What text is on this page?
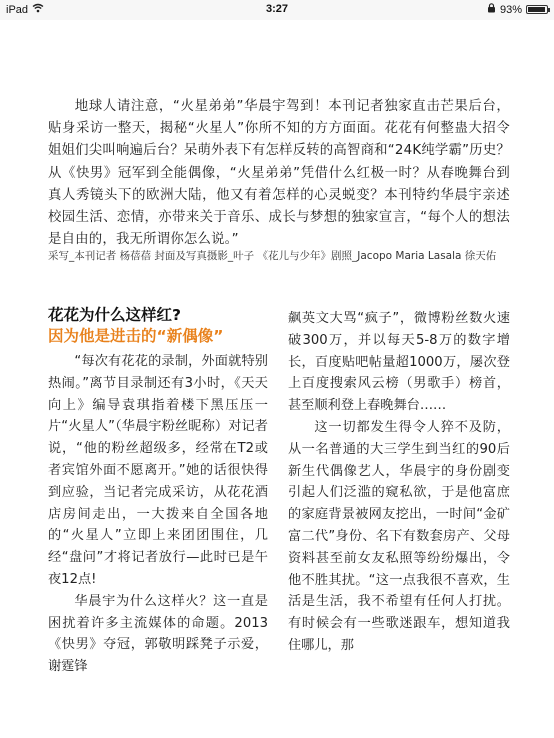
iPad	3:27	93%
地球人请注意，“火星弟弟”华晨宇驾到！本刊记者独家直击芒果后台，贴身采访一整天，揭秘“火星人”你所不知的方方面面。花花有何整蛊大招令姐姐们尖叫响遍后台？呆萌外表下有怎样反转的高智商和“24K纯学霸”历史？从《快男》冠军到全能偶像，“火星弟弟”凭借什么红极一时？从春晚舞台到真人秀镜头下的欧洲大陆，他又有着怎样的心灵蜕变？本刊特约华晨宇亲述校园生活、恋情，亦带来关于音乐、成长与梦想的独家宣言，“每个人的想法是自由的，我无所谓你怎么说。”
采写_本刊记者 杨蓓蓓 封面及写真摄影_叶子 《花儿与少年》剧照_Jacopo Maria Lasala 徐天佑
花花为什么这样红?
因为他是进击的“新偶像”

“每次有花花的录制，外面就特别热闹。”离节目录制还有3小时，《天天向上》编导袁琪指着楼下黑压压一片“火星人”（华晨宇粉丝昵称）对记者说，“他的粉丝超级多，经常在T2或者宾馆外面不愿离开。”她的话很快得到应验，当记者完成采访，从花花酒店房间走出，一大拨来自全国各地的“火星人”立即上来团团围住，几经“盘问”才将记者放行—此时已是午夜12点!

华晨宇为什么这样火？这一直是困扰着许多主流媒体的命题。2013《快男》夺冠，郭敬明踩凳子示爱，谢霆锋

飙英文大骂“疯子”，微博粉丝数火速破300万，并以每天5-8万的数字增长，百度贴吧帖量超1000万，屡次登上百度搜索风云榜（男歌手）榜首，甚至顺利登上春晚舞台……

这一切都发生得令人猝不及防，从一名普通的大三学生到当红的90后新生代偶像艺人，华晨宇的身份剧变引起人们泛滥的窥私欲，于是他富庶的家庭背景被网友挖出，一时间“金矿富二代”身份、名下有数套房产、父母资料甚至前女友私照等纷纷爆出，令他不胜其扰。“这一点我很不喜欢，生活是生活，我不希望有任何人打扰。有时候会有一些歌迷跟车，想知道我住哪儿，那
